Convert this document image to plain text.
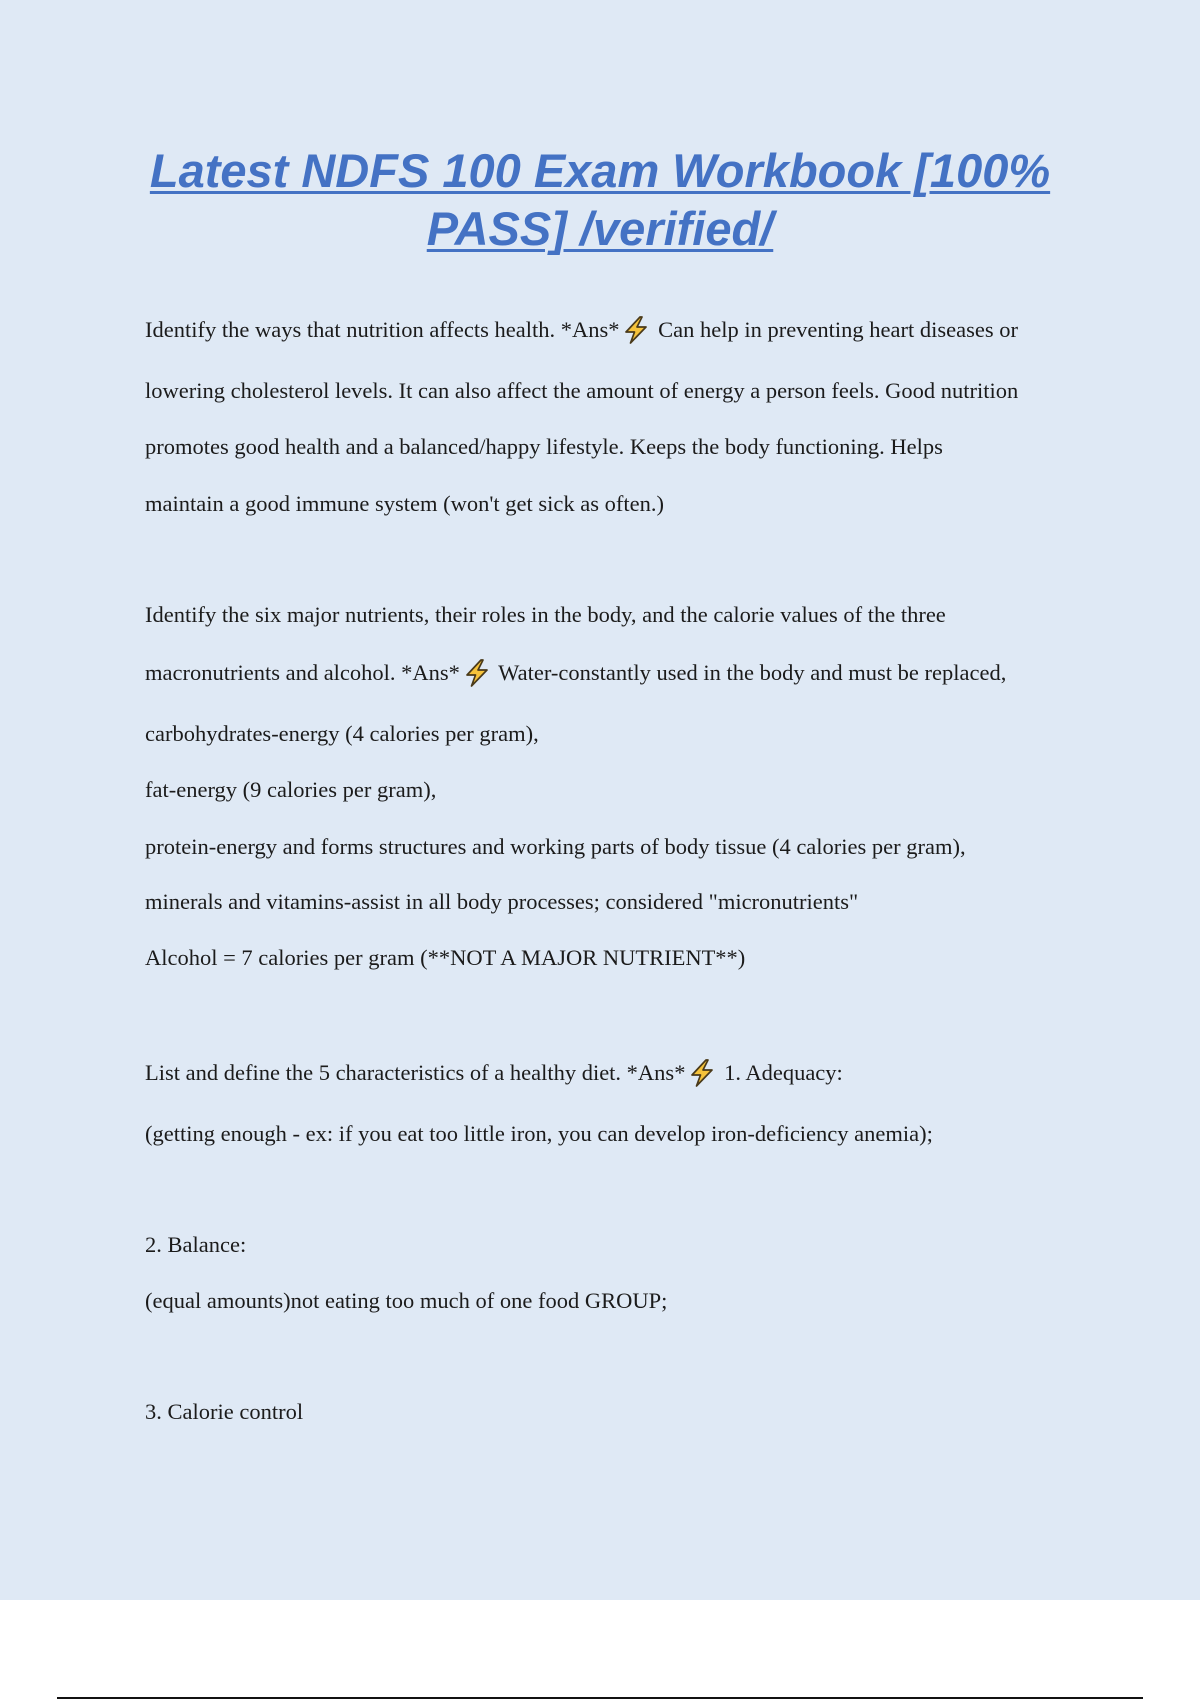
Latest NDFS 100 Exam Workbook [100% PASS] /verified/

Identify the ways that nutrition affects health. *Ans*
Can help in preventing heart diseases or

lowering cholesterol levels. It can also affect the amount of energy a person feels. Good nutrition

promotes good health and a balanced/happy lifestyle. Keeps the body functioning. Helps

maintain a good immune system (won't get sick as often.)

Identify the six major nutrients, their roles in the body, and the calorie values of the three

macronutrients and alcohol. *Ans*
Water-constantly used in the body and must be replaced,

carbohydrates-energy (4 calories per gram),

fat-energy (9 calories per gram),

protein-energy and forms structures and working parts of body tissue (4 calories per gram),

minerals and vitamins-assist in all body processes; considered "micronutrients"

Alcohol = 7 calories per gram (**NOT A MAJOR NUTRIENT**)

List and define the 5 characteristics of a healthy diet. *Ans*
1. Adequacy:

(getting enough - ex: if you eat too little iron, you can develop iron-deficiency anemia);

2. Balance:

(equal amounts)not eating too much of one food GROUP;

3. Calorie control
